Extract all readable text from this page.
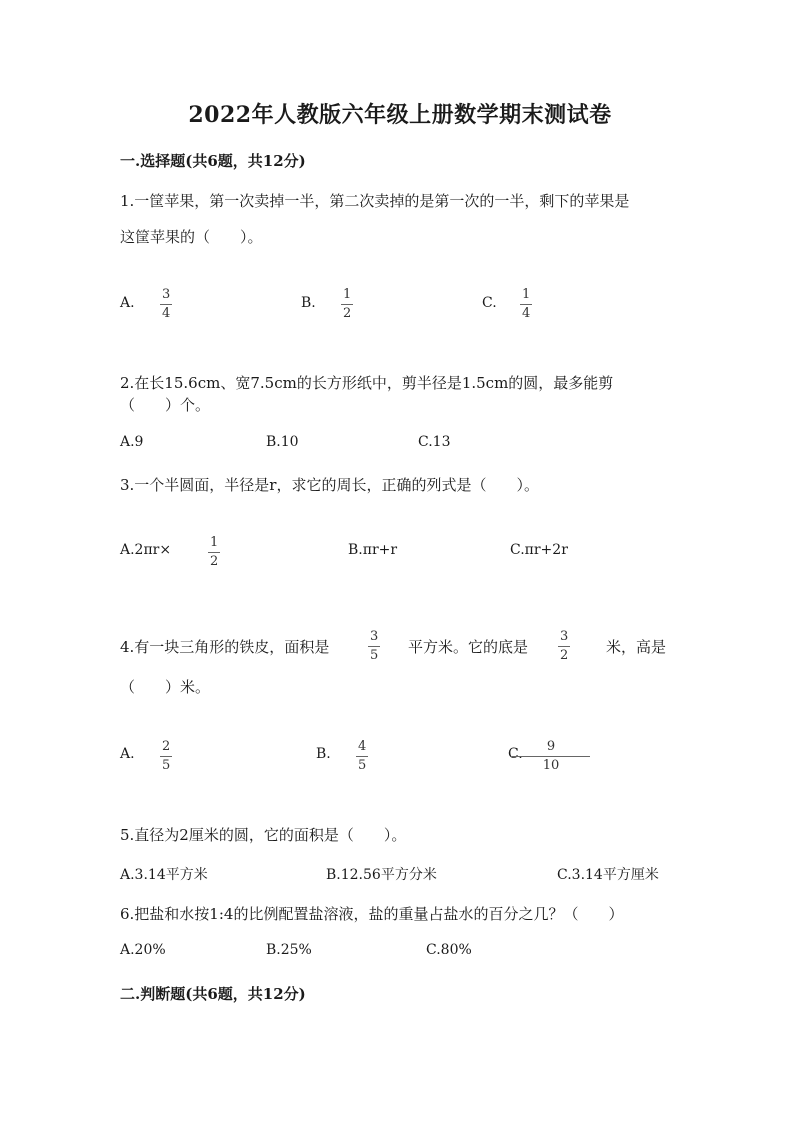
2022年人教版六年级上册数学期末测试卷
一.选择题(共6题，共12分)
1.一筐苹果，第一次卖掉一半，第二次卖掉的是第一次的一半，剩下的苹果是
这筐苹果的（　　）。
A.
3
4
B.
1
2
C.
1
4
2.在长15.6cm、宽7.5cm的长方形纸中，剪半径是1.5cm的圆，最多能剪
（　　）个。
A.9	B.10	C.13
3.一个半圆面，半径是r，求它的周长，正确的列式是（　　）。
A.2πr×	1
2
B.πr+r	C.πr+2r
4.有一块三角形的铁皮，面积是
3
5 平方米。它的底是
3
2	米，高是
（　　）米。
A. 2
5
B. 4
5
C. 9
10
5.直径为2厘米的圆，它的面积是（　　）。
A.3.14平方米	B.12.56平方分米	C.3.14平方厘米
6.把盐和水按1:4的比例配置盐溶液，盐的重量占盐水的百分之几？（　　）
A.20%	B.25%	C.80%
二.判断题(共6题，共12分)
